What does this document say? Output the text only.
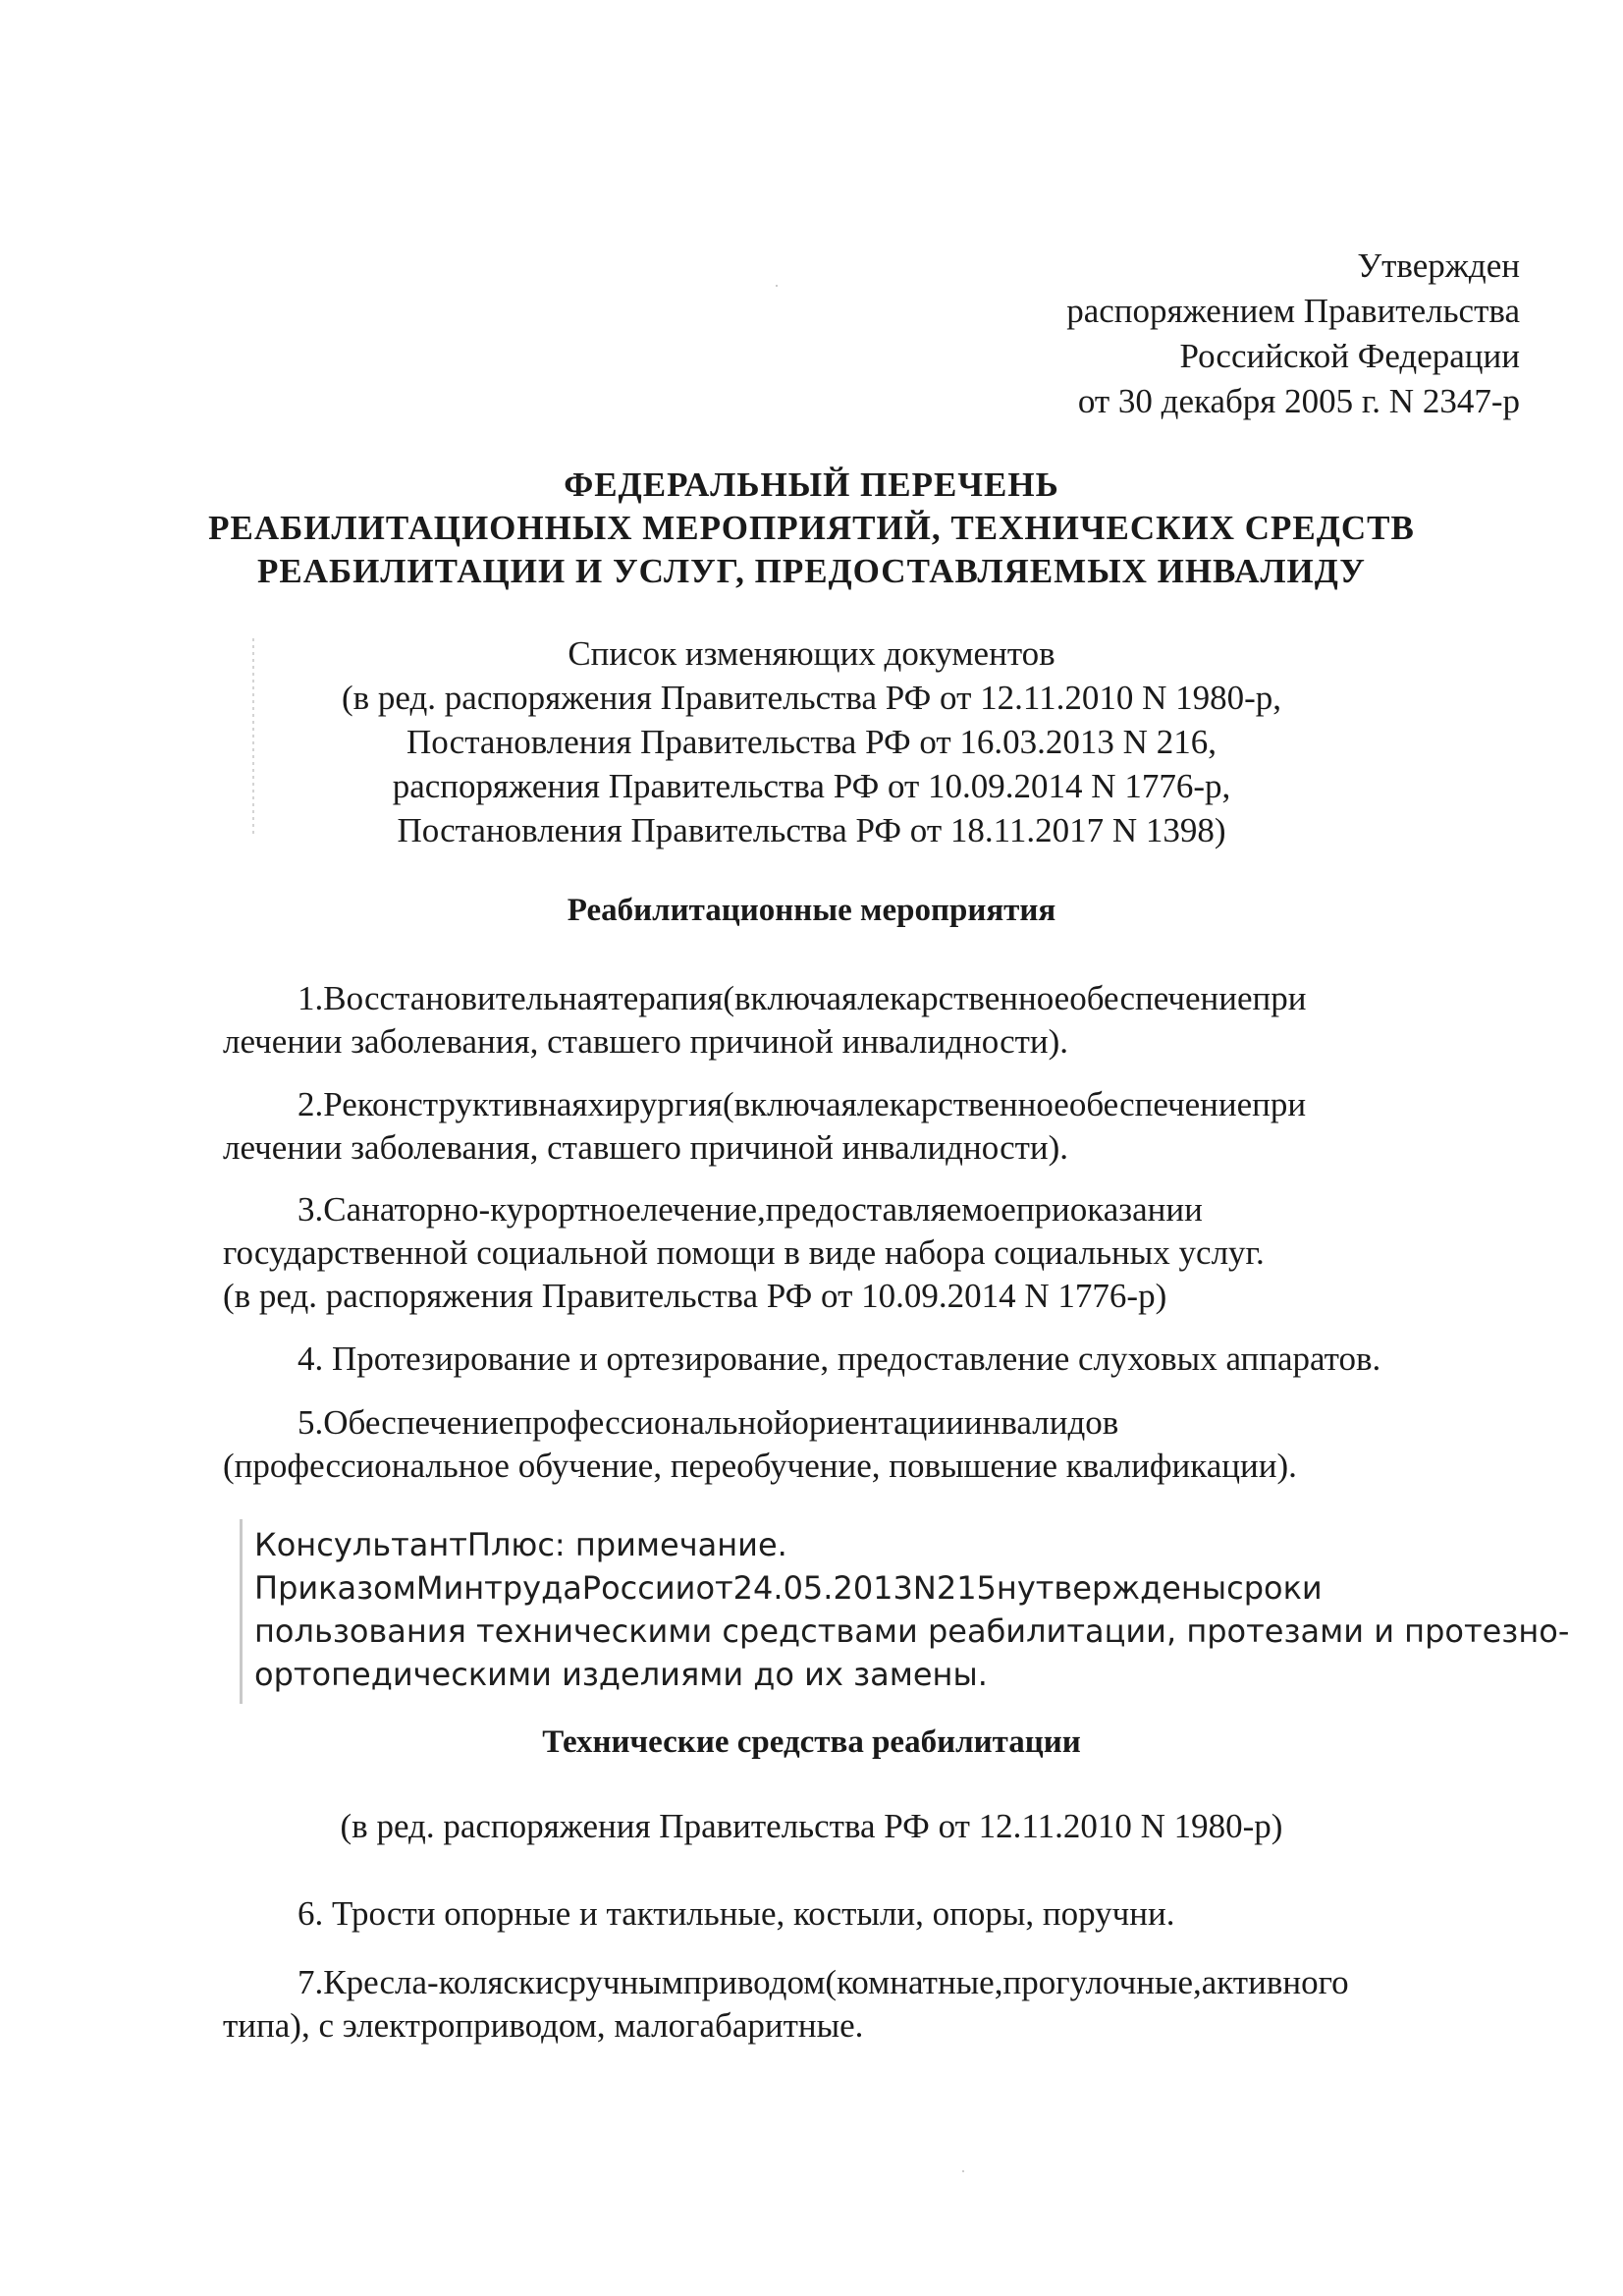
Утвержден
распоряжением Правительства
Российской Федерации
от 30 декабря 2005 г. N 2347-р
ФЕДЕРАЛЬНЫЙ ПЕРЕЧЕНЬ
РЕАБИЛИТАЦИОННЫХ МЕРОПРИЯТИЙ, ТЕХНИЧЕСКИХ СРЕДСТВ
РЕАБИЛИТАЦИИ И УСЛУГ, ПРЕДОСТАВЛЯЕМЫХ ИНВАЛИДУ
Список изменяющих документов
(в ред. распоряжения Правительства РФ от 12.11.2010 N 1980-р,
Постановления Правительства РФ от 16.03.2013 N 216,
распоряжения Правительства РФ от 10.09.2014 N 1776-р,
Постановления Правительства РФ от 18.11.2017 N 1398)
Реабилитационные мероприятия
1.Восстановительнаятерапия(включаялекарственноеобеспечениепри
лечении заболевания, ставшего причиной инвалидности).
2.Реконструктивнаяхирургия(включаялекарственноеобеспечениепри
лечении заболевания, ставшего причиной инвалидности).
3.Санаторно-курортноелечение,предоставляемоеприоказании
государственной социальной помощи в виде набора социальных услуг.
(в ред. распоряжения Правительства РФ от 10.09.2014 N 1776-р)
4. Протезирование и ортезирование, предоставление слуховых аппаратов.
5.Обеспечениепрофессиональнойориентацииинвалидов
(профессиональное обучение, переобучение, повышение квалификации).
КонсультантПлюс: примечание.
ПриказомМинтрудаРоссииот24.05.2013N215нутвержденысроки
пользования техническими средствами реабилитации, протезами и протезно-
ортопедическими изделиями до их замены.
Технические средства реабилитации
(в ред. распоряжения Правительства РФ от 12.11.2010 N 1980-р)
6. Трости опорные и тактильные, костыли, опоры, поручни.
7.Кресла-коляскисручнымприводом(комнатные,прогулочные,активного
типа), с электроприводом, малогабаритные.
